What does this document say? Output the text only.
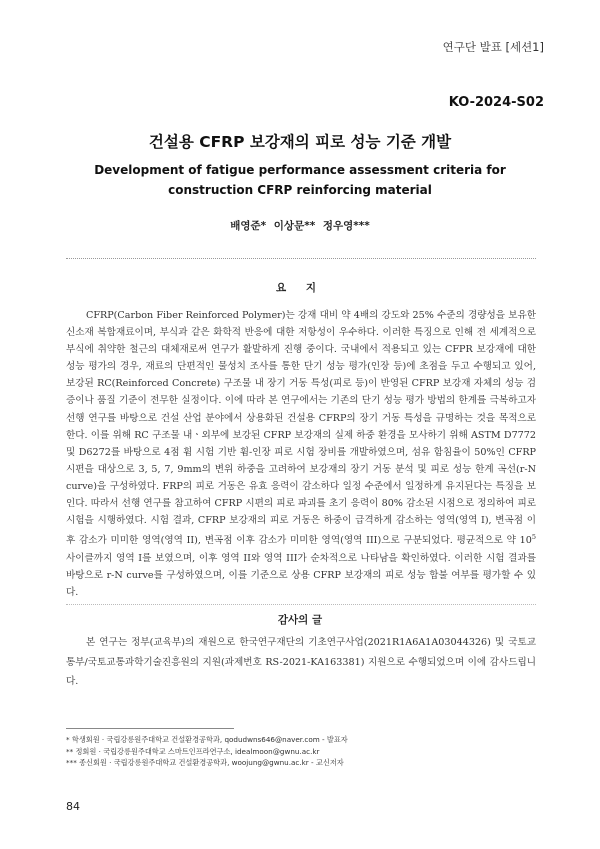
연구단 발표 [세션1]
KO-2024-S02
건설용 CFRP 보강재의 피로 성능 기준 개발
Development of fatigue performance assessment criteria for
construction CFRP reinforcing material
배영준* 이상문** 정우영***
요 지

CFRP(Carbon Fiber Reinforced Polymer)는 강재 대비 약 4배의 강도와 25% 수준의 경량성을 보유한 신소재 복합재료이며, 부식과 같은 화학적 반응에 대한 저항성이 우수하다. 이러한 특징으로 인해 전 세계적으로 부식에 취약한 철근의 대체재로써 연구가 활발하게 진행 중이다. 국내에서 적용되고 있는 CFPR 보강재에 대한 성능 평가의 경우, 재료의 단편적인 물성치 조사를 통한 단기 성능 평가(인장 등)에 초점을 두고 수행되고 있어, 보강된 RC(Reinforced Concrete) 구조물 내 장기 거동 특성(피로 등)이 반영된 CFRP 보강재 자체의 성능 검증이나 품질 기준이 전무한 실정이다. 이에 따라 본 연구에서는 기존의 단기 성능 평가 방법의 한계를 극복하고자 선행 연구를 바탕으로 건설 산업 분야에서 상용화된 건설용 CFRP의 장기 거동 특성을 규명하는 것을 목적으로 한다. 이를 위해 RC 구조물 내ㆍ외부에 보강된 CFRP 보강재의 실제 하중 환경을 모사하기 위해 ASTM D7772 및 D6272를 바탕으로 4점 휨 시험 기반 휨-인장 피로 시험 장비를 개발하였으며, 섬유 함침율이 50%인 CFRP 시편을 대상으로 3, 5, 7, 9mm의 변위 하중을 고려하여 보강재의 장기 거동 분석 및 피로 성능 한계 곡선(r-N curve)을 구성하였다. FRP의 피로 거동은 유효 응력이 감소하다 일정 수준에서 일정하게 유지된다는 특징을 보인다. 따라서 선행 연구를 참고하여 CFRP 시편의 피로 파괴를 초기 응력이 80% 감소된 시점으로 정의하여 피로 시험을 시행하였다. 시험 결과, CFRP 보강재의 피로 거동은 하중이 급격하게 감소하는 영역(영역 I), 변곡점 이후 감소가 미미한 영역(영역 II), 변곡점 이후 감소가 미미한 영역(영역 III)으로 구분되었다. 평균적으로 약 $10^5$ 사이클까지 영역 I를 보였으며, 이후 영역 II와 영역 III가 순차적으로 나타남을 확인하였다. 이러한 시험 결과를 바탕으로 r-N curve를 구성하였으며, 이를 기준으로 상용 CFRP 보강재의 피로 성능 합불 여부를 평가할 수 있다.

감사의 글

본 연구는 정부(교육부)의 재원으로 한국연구재단의 기초연구사업(2021R1A6A1A03044326) 및 국토교통부/국토교통과학기술진흥원의 지원(과제번호 RS-2021-KA163381) 지원으로 수행되었으며 이에 감사드립니다.

* 학생회원 · 국립강릉원주대학교 건설환경공학과, qodudwns646@naver.com - 발표자
** 정회원 · 국립강릉원주대학교 스마트인프라연구소, idealmoon@gwnu.ac.kr
*** 종신회원 · 국립강릉원주대학교 건설환경공학과, woojung@gwnu.ac.kr - 교신저자
84
